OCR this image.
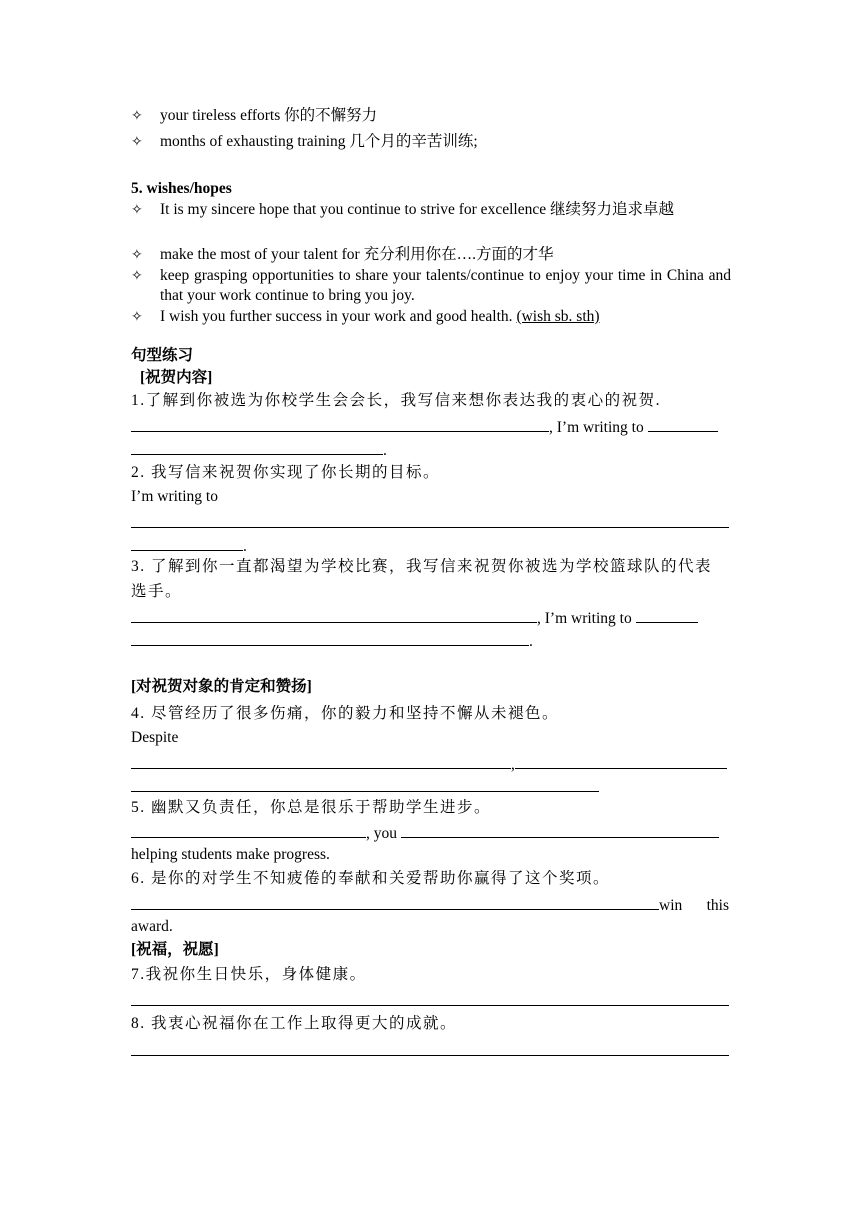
✧ your tireless efforts 你的不懈努力
✧ months of exhausting training 几个月的辛苦训练;
5. wishes/hopes
✧ It is my sincere hope that you continue to strive for excellence 继续努力追求卓越
✧ make the most of your talent for 充分利用你在….方面的才华
✧ keep grasping opportunities to share your talents/continue to enjoy your time in China and that your work continue to bring you joy.
✧ I wish you further success in your work and good health. (wish sb. sth)
句型练习
[祝贺内容]
1.了解到你被选为你校学生会会长，我写信来想你表达我的衷心的祝贺.
, I’m writing to
.
2. 我写信来祝贺你实现了你长期的目标。
I’m writing to
.
3. 了解到你一直都渴望为学校比赛，我写信来祝贺你被选为学校篮球队的代表
选手。
, I’m writing to
.
[对祝贺对象的肯定和赞扬]
4. 尽管经历了很多伤痛，你的毅力和坚持不懈从未褪色。
Despite
,
5. 幽默又负责任，你总是很乐于帮助学生进步。
, you
helping students make progress.
6. 是你的对学生不知疲倦的奉献和关爱帮助你赢得了这个奖项。
win this
award.
[祝福，祝愿]
7.我祝你生日快乐，身体健康。
8. 我衷心祝福你在工作上取得更大的成就。
